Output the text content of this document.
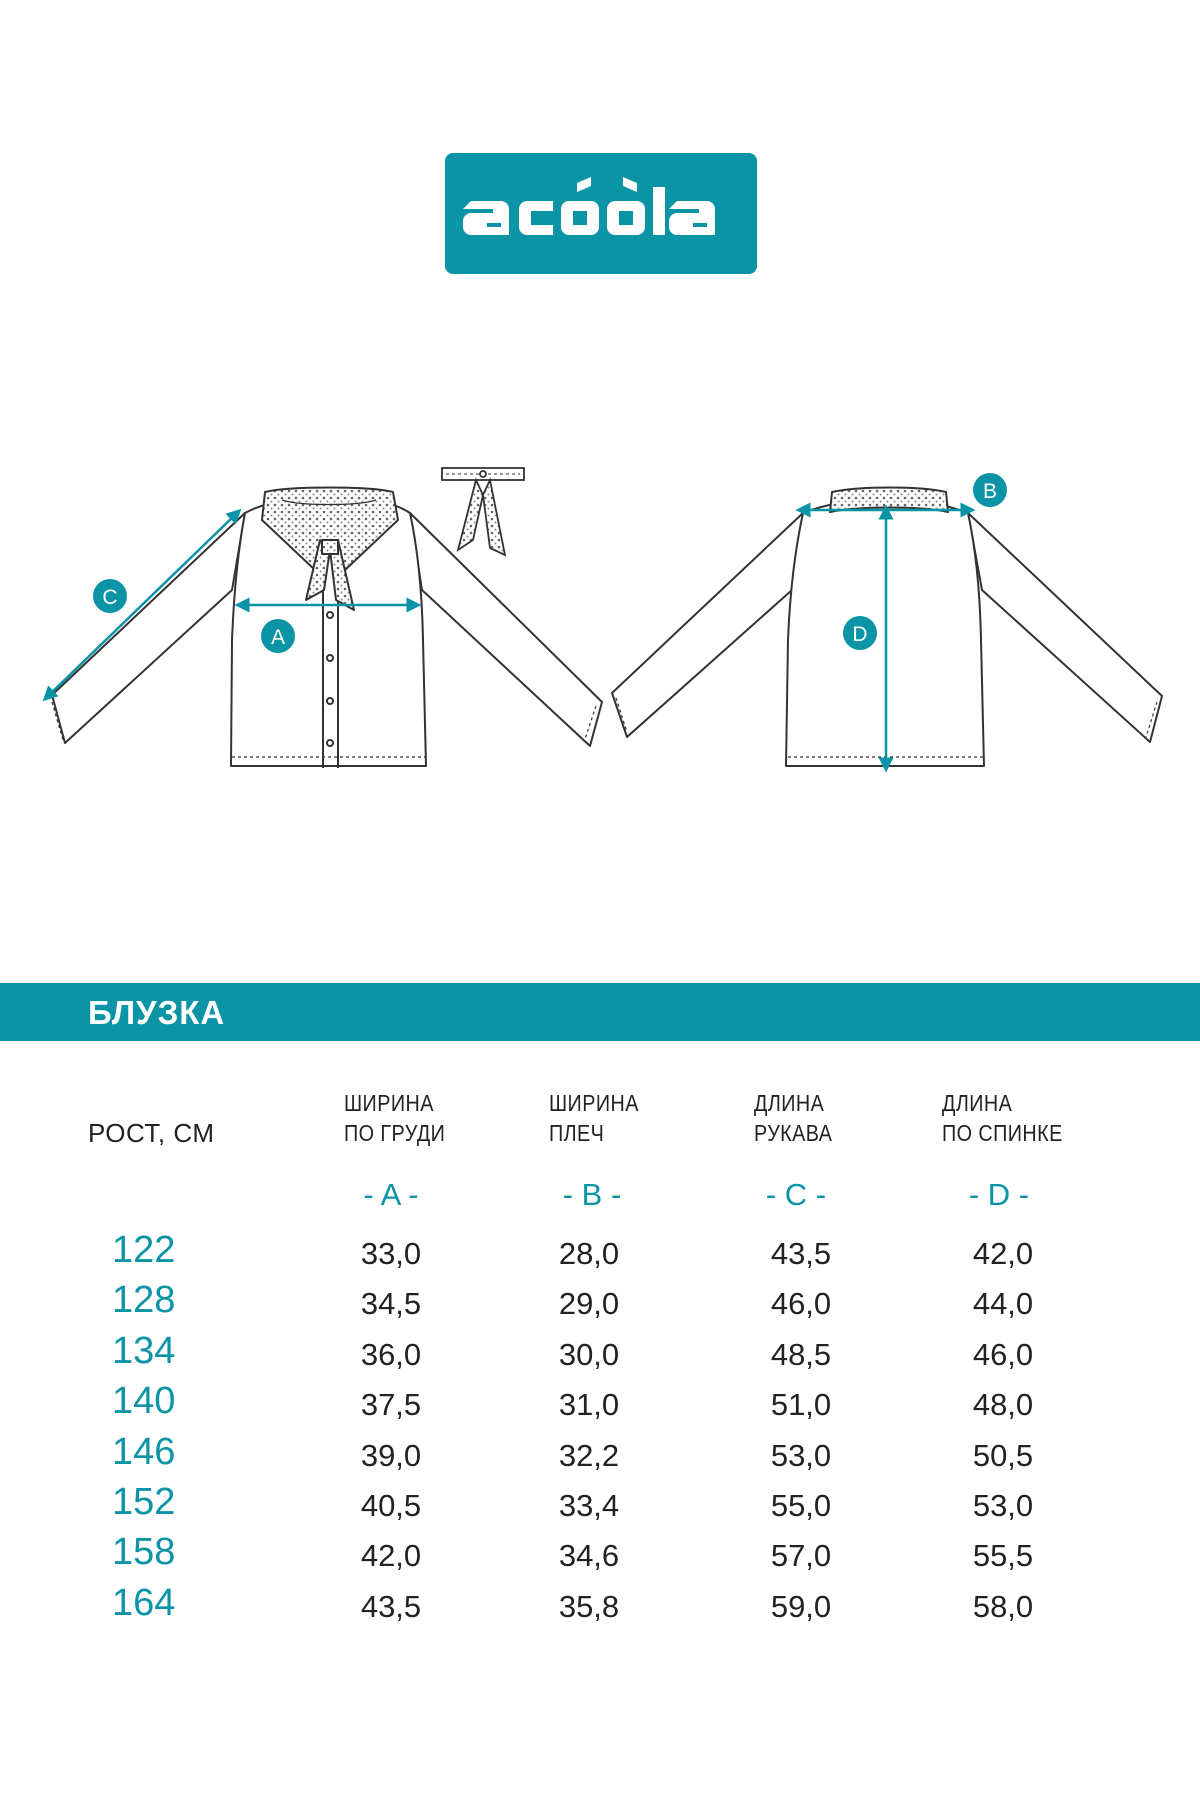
C
A
B
D
БЛУЗКА
РОСТ, СМ
ШИРИНА
ПО ГРУДИ
ШИРИНА
ПЛЕЧ
ДЛИНА
РУКАВА
ДЛИНА
ПО СПИНКЕ
- A -	- B -	- C -	- D -
122	33,0	28,0	43,5	42,0
128	34,5	29,0	46,0	44,0
134	36,0	30,0	48,5	46,0
140	37,5	31,0	51,0	48,0
146	39,0	32,2	53,0	50,5
152	40,5	33,4	55,0	53,0
158	42,0	34,6	57,0	55,5
164	43,5	35,8	59,0	58,0
